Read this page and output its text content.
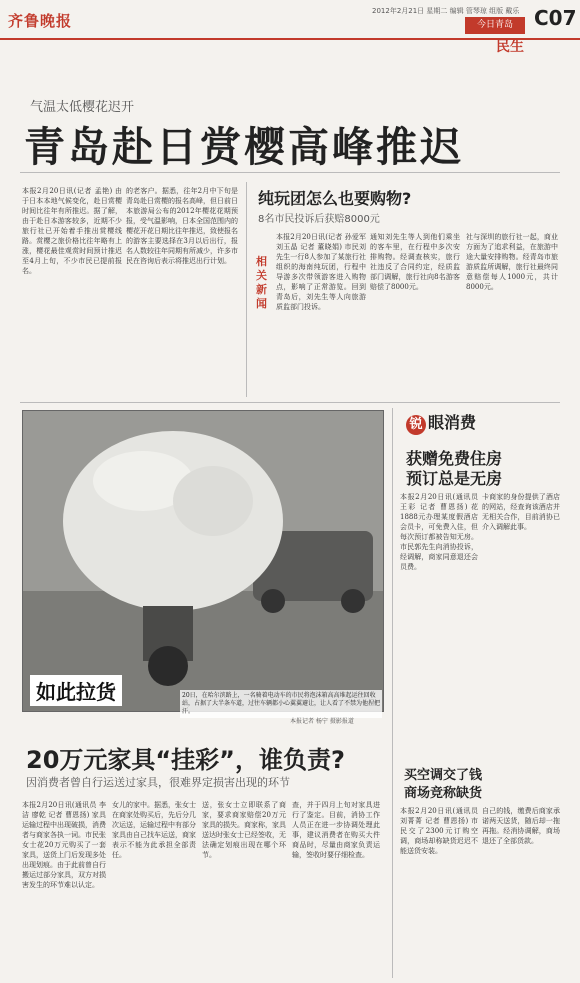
齐鲁晚报
2012年2月21日 星期二 编辑 管琴琼 组版 戴乐
今日青岛	C07
民生
气温太低樱花迟开
青岛赴日赏樱高峰推迟
本报2月20日讯(记者 孟艳) 由于日本本地气候变化，赴日赏樱时间比往年有所推迟。据了解，由于赴日本游客较多，近期不少旅行社已开始着手推出赏樱线路。赏樱之旅价格比往年略有上涨，樱花最佳观赏时间预计推迟至4月上旬，不少市民已提前报名。
的老客户。据悉，往年2月中下旬是青岛赴日赏樱的报名高峰，但日前日本旅游局公布的2012年樱花花期预报，受气温影响，日本全国范围内的樱花开花日期比往年推迟，致使报名的游客主要选择在3月以后出行，报名人数较往年同期有所减少，许多市民在咨询后表示将推迟出行计划。
纯玩团怎么也要购物?
8名市民投诉后获赔8000元
相关新闻
本报2月20日讯(记者 孙爱军 刘玉晶 记者 董晓娟) 市民刘先生一行8人参加了某旅行社组织的海南纯玩团，行程中导游多次带领游客进入购物点，影响了正常游览。回到青岛后，刘先生等人向旅游质监部门投诉。
通知刘先生等人到他们乘坐的客车里，在行程中多次安排购物。经调查核实，旅行社违反了合同约定，经质监部门调解，旅行社向8名游客赔偿了8000元。
社与深圳的旅行社一起，商业方面为了追求利益，在旅游中途大量安排购物。经青岛市旅游质监所调解，旅行社最终同意赔偿每人1000元，共计8000元。
如此拉货	20日，在哈尔滨路上，一名骑着电动车的市民将泡沫箱高高堆起运往回收站，占据了大半条车道，过往车辆都小心翼翼避让，让人看了不禁为他捏把汗。
本报记者 杨宁 摄影报道
20万元家具“挂彩”，谁负责?
因消费者曾自行运送过家具，很难界定损害出现的环节
本报2月20日讯(通讯员 李洁 廖乾 记者 曹恩扬) 家具运输过程中出现破损，消费者与商家各执一词。市民张女士花20万元购买了一套家具，送货上门后发现多处出现划痕。由于此前曾自行搬运过部分家具，双方对损害发生的环节难以认定。
女儿的家中。据悉，张女士在商家处购买后，先后分几次运送，运输过程中有部分家具由自己找车运送，商家表示不能为此承担全部责任。
送，张女士立即联系了商家，要求商家赔偿20万元家具的损失。商家称，家具送达时张女士已经签收，无法确定划痕出现在哪个环节。
查，并于四月上旬对家具进行了鉴定。目前，消协工作人员正在进一步协调处理此事，建议消费者在购买大件商品时，尽量由商家负责运输，签收时要仔细检查。
锐 眼消费
获赠免费住房
预订总是无房
本报2月20日讯(通讯员 王彩 记者 曹恩扬) 花1888元办理某度假酒店会员卡，可免费入住，但每次预订都被告知无房。市民郭先生向消协投诉，经调解，商家同意退还会员费。
卡商家的身份提供了酒店的网站，经查询该酒店并无相关合作，目前消协已介入调解此事。
买空调交了钱
商场竞称缺货
本报2月20日讯(通讯员 刘菁菁 记者 曹恩扬) 市民交了2300元订购空调，商场却称缺货迟迟不能送货安装。
自己的钱，缴费后商家承诺两天送货，随后却一拖再拖。经消协调解，商场退还了全部货款。
